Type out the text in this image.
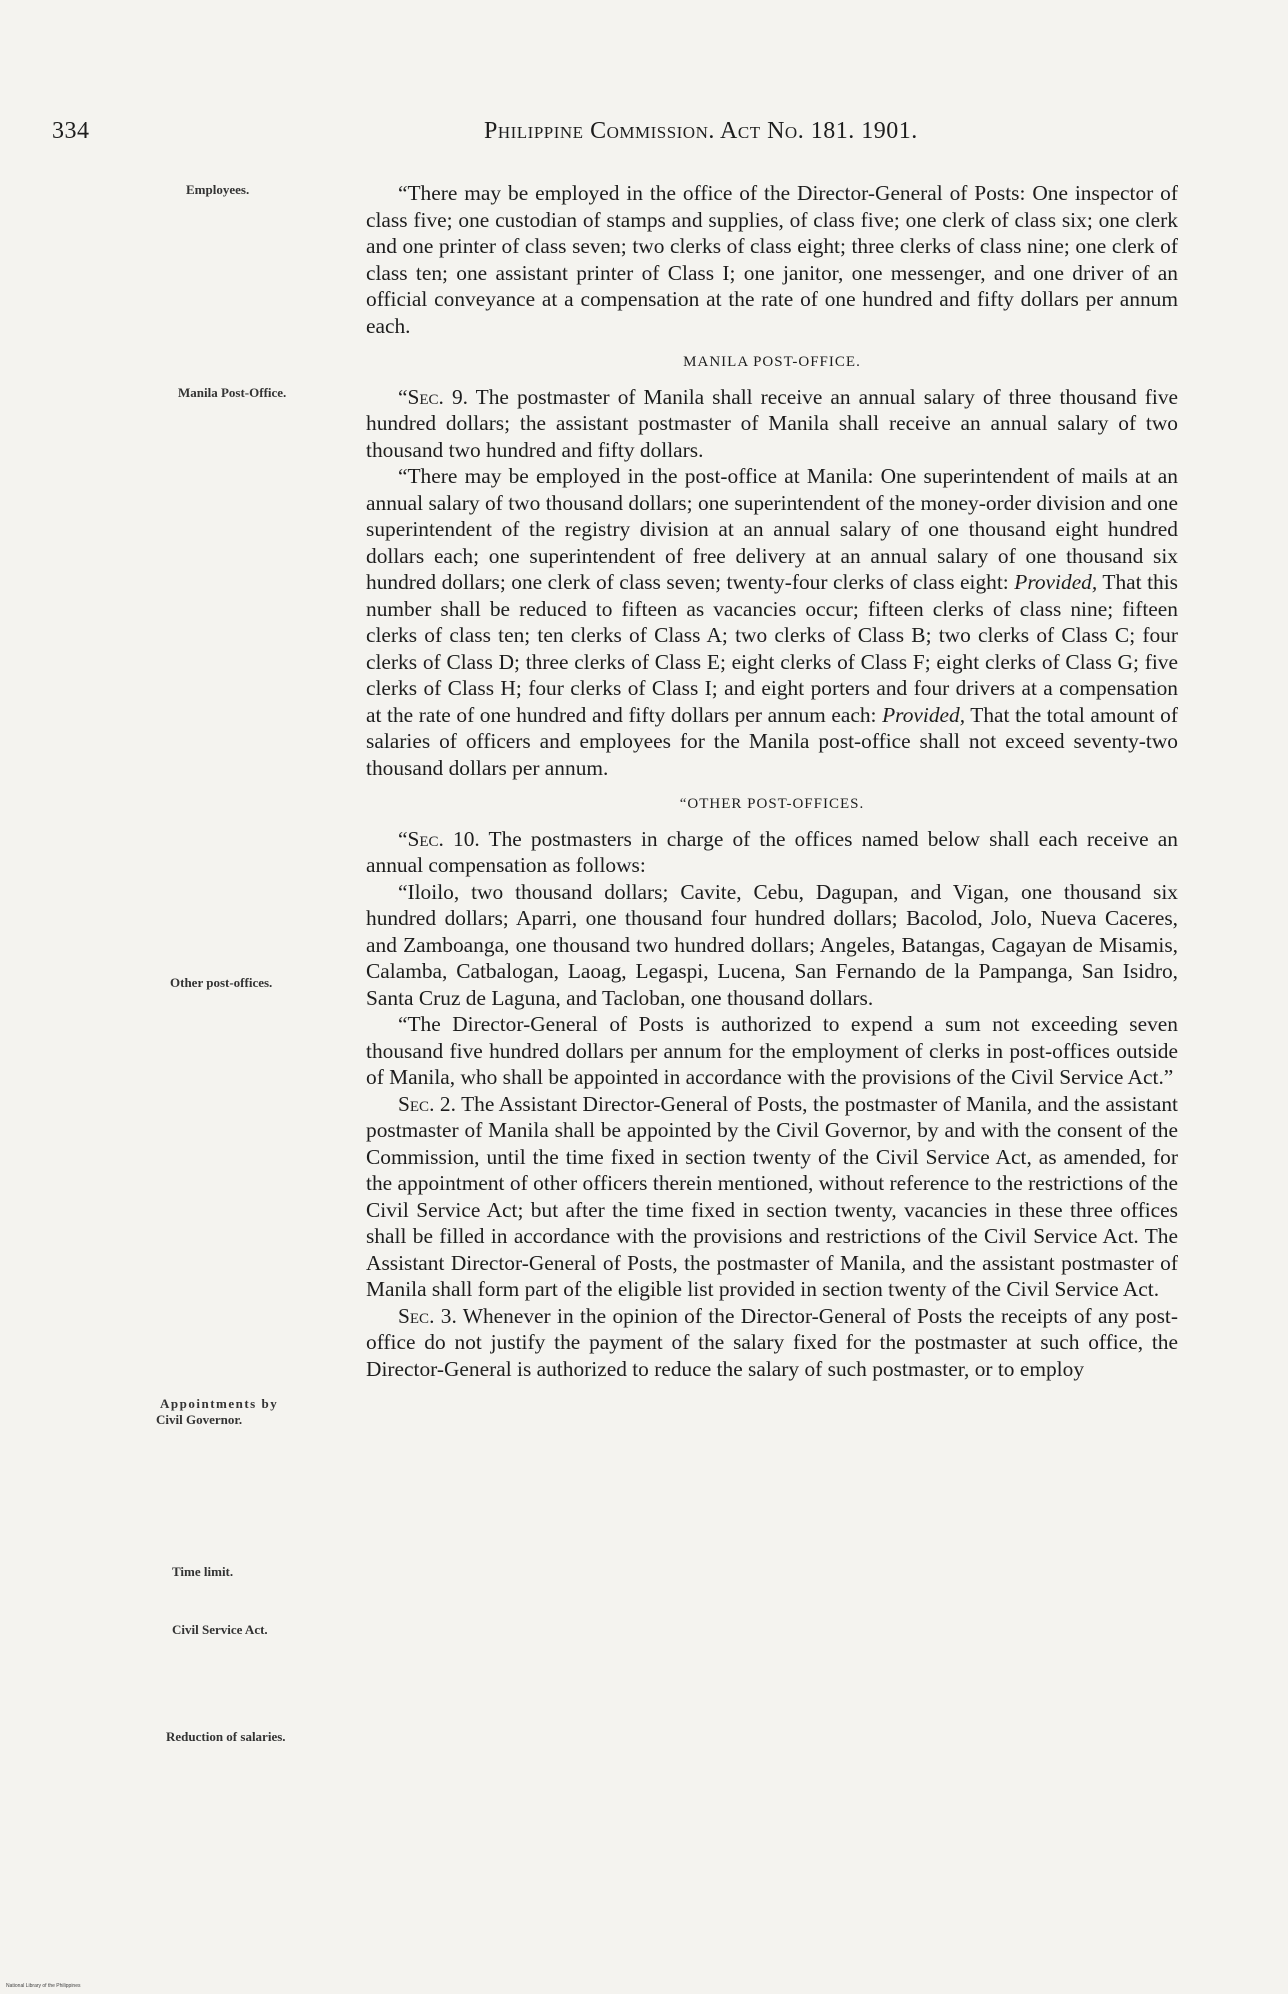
334	Philippine Commission. Act No. 181. 1901.
Employees.
Manila Post-Office.
Other post-offices.
Appointments by
Civil Governor.
Time limit.
Civil Service Act.
Reduction of salaries.

“There may be employed in the office of the Director-General of Posts: One inspector of class five; one custodian of stamps and supplies, of class five; one clerk of class six; one clerk and one printer of class seven; two clerks of class eight; three clerks of class nine; one clerk of class ten; one assistant printer of Class I; one janitor, one messenger, and one driver of an official conveyance at a compensation at the rate of one hundred and fifty dollars per annum each.

MANILA POST-OFFICE.

“Sec. 9. The postmaster of Manila shall receive an annual salary of three thousand five hundred dollars; the assistant postmaster of Manila shall receive an annual salary of two thousand two hundred and fifty dollars.

“There may be employed in the post-office at Manila: One superintendent of mails at an annual salary of two thousand dollars; one superintendent of the money-order division and one superintendent of the registry division at an annual salary of one thousand eight hundred dollars each; one superintendent of free delivery at an annual salary of one thousand six hundred dollars; one clerk of class seven; twenty-four clerks of class eight: Provided, That this number shall be reduced to fifteen as vacancies occur; fifteen clerks of class nine; fifteen clerks of class ten; ten clerks of Class A; two clerks of Class B; two clerks of Class C; four clerks of Class D; three clerks of Class E; eight clerks of Class F; eight clerks of Class G; five clerks of Class H; four clerks of Class I; and eight porters and four drivers at a compensation at the rate of one hundred and fifty dollars per annum each: Provided, That the total amount of salaries of officers and employees for the Manila post-office shall not exceed seventy-two thousand dollars per annum.

“OTHER POST-OFFICES.

“Sec. 10. The postmasters in charge of the offices named below shall each receive an annual compensation as follows:

“Iloilo, two thousand dollars; Cavite, Cebu, Dagupan, and Vigan, one thousand six hundred dollars; Aparri, one thousand four hundred dollars; Bacolod, Jolo, Nueva Caceres, and Zamboanga, one thousand two hundred dollars; Angeles, Batangas, Cagayan de Misamis, Calamba, Catbalogan, Laoag, Legaspi, Lucena, San Fernando de la Pampanga, San Isidro, Santa Cruz de Laguna, and Tacloban, one thousand dollars.

“The Director-General of Posts is authorized to expend a sum not exceeding seven thousand five hundred dollars per annum for the employment of clerks in post-offices outside of Manila, who shall be appointed in accordance with the provisions of the Civil Service Act.”

Sec. 2. The Assistant Director-General of Posts, the postmaster of Manila, and the assistant postmaster of Manila shall be appointed by the Civil Governor, by and with the consent of the Commission, until the time fixed in section twenty of the Civil Service Act, as amended, for the appointment of other officers therein mentioned, without reference to the restrictions of the Civil Service Act; but after the time fixed in section twenty, vacancies in these three offices shall be filled in accordance with the provisions and restrictions of the Civil Service Act. The Assistant Director-General of Posts, the postmaster of Manila, and the assistant postmaster of Manila shall form part of the eligible list provided in section twenty of the Civil Service Act.

Sec. 3. Whenever in the opinion of the Director-General of Posts the receipts of any post-office do not justify the payment of the salary fixed for the postmaster at such office, the Director-General is authorized to reduce the salary of such postmaster, or to employ

National Library of the Philippines
